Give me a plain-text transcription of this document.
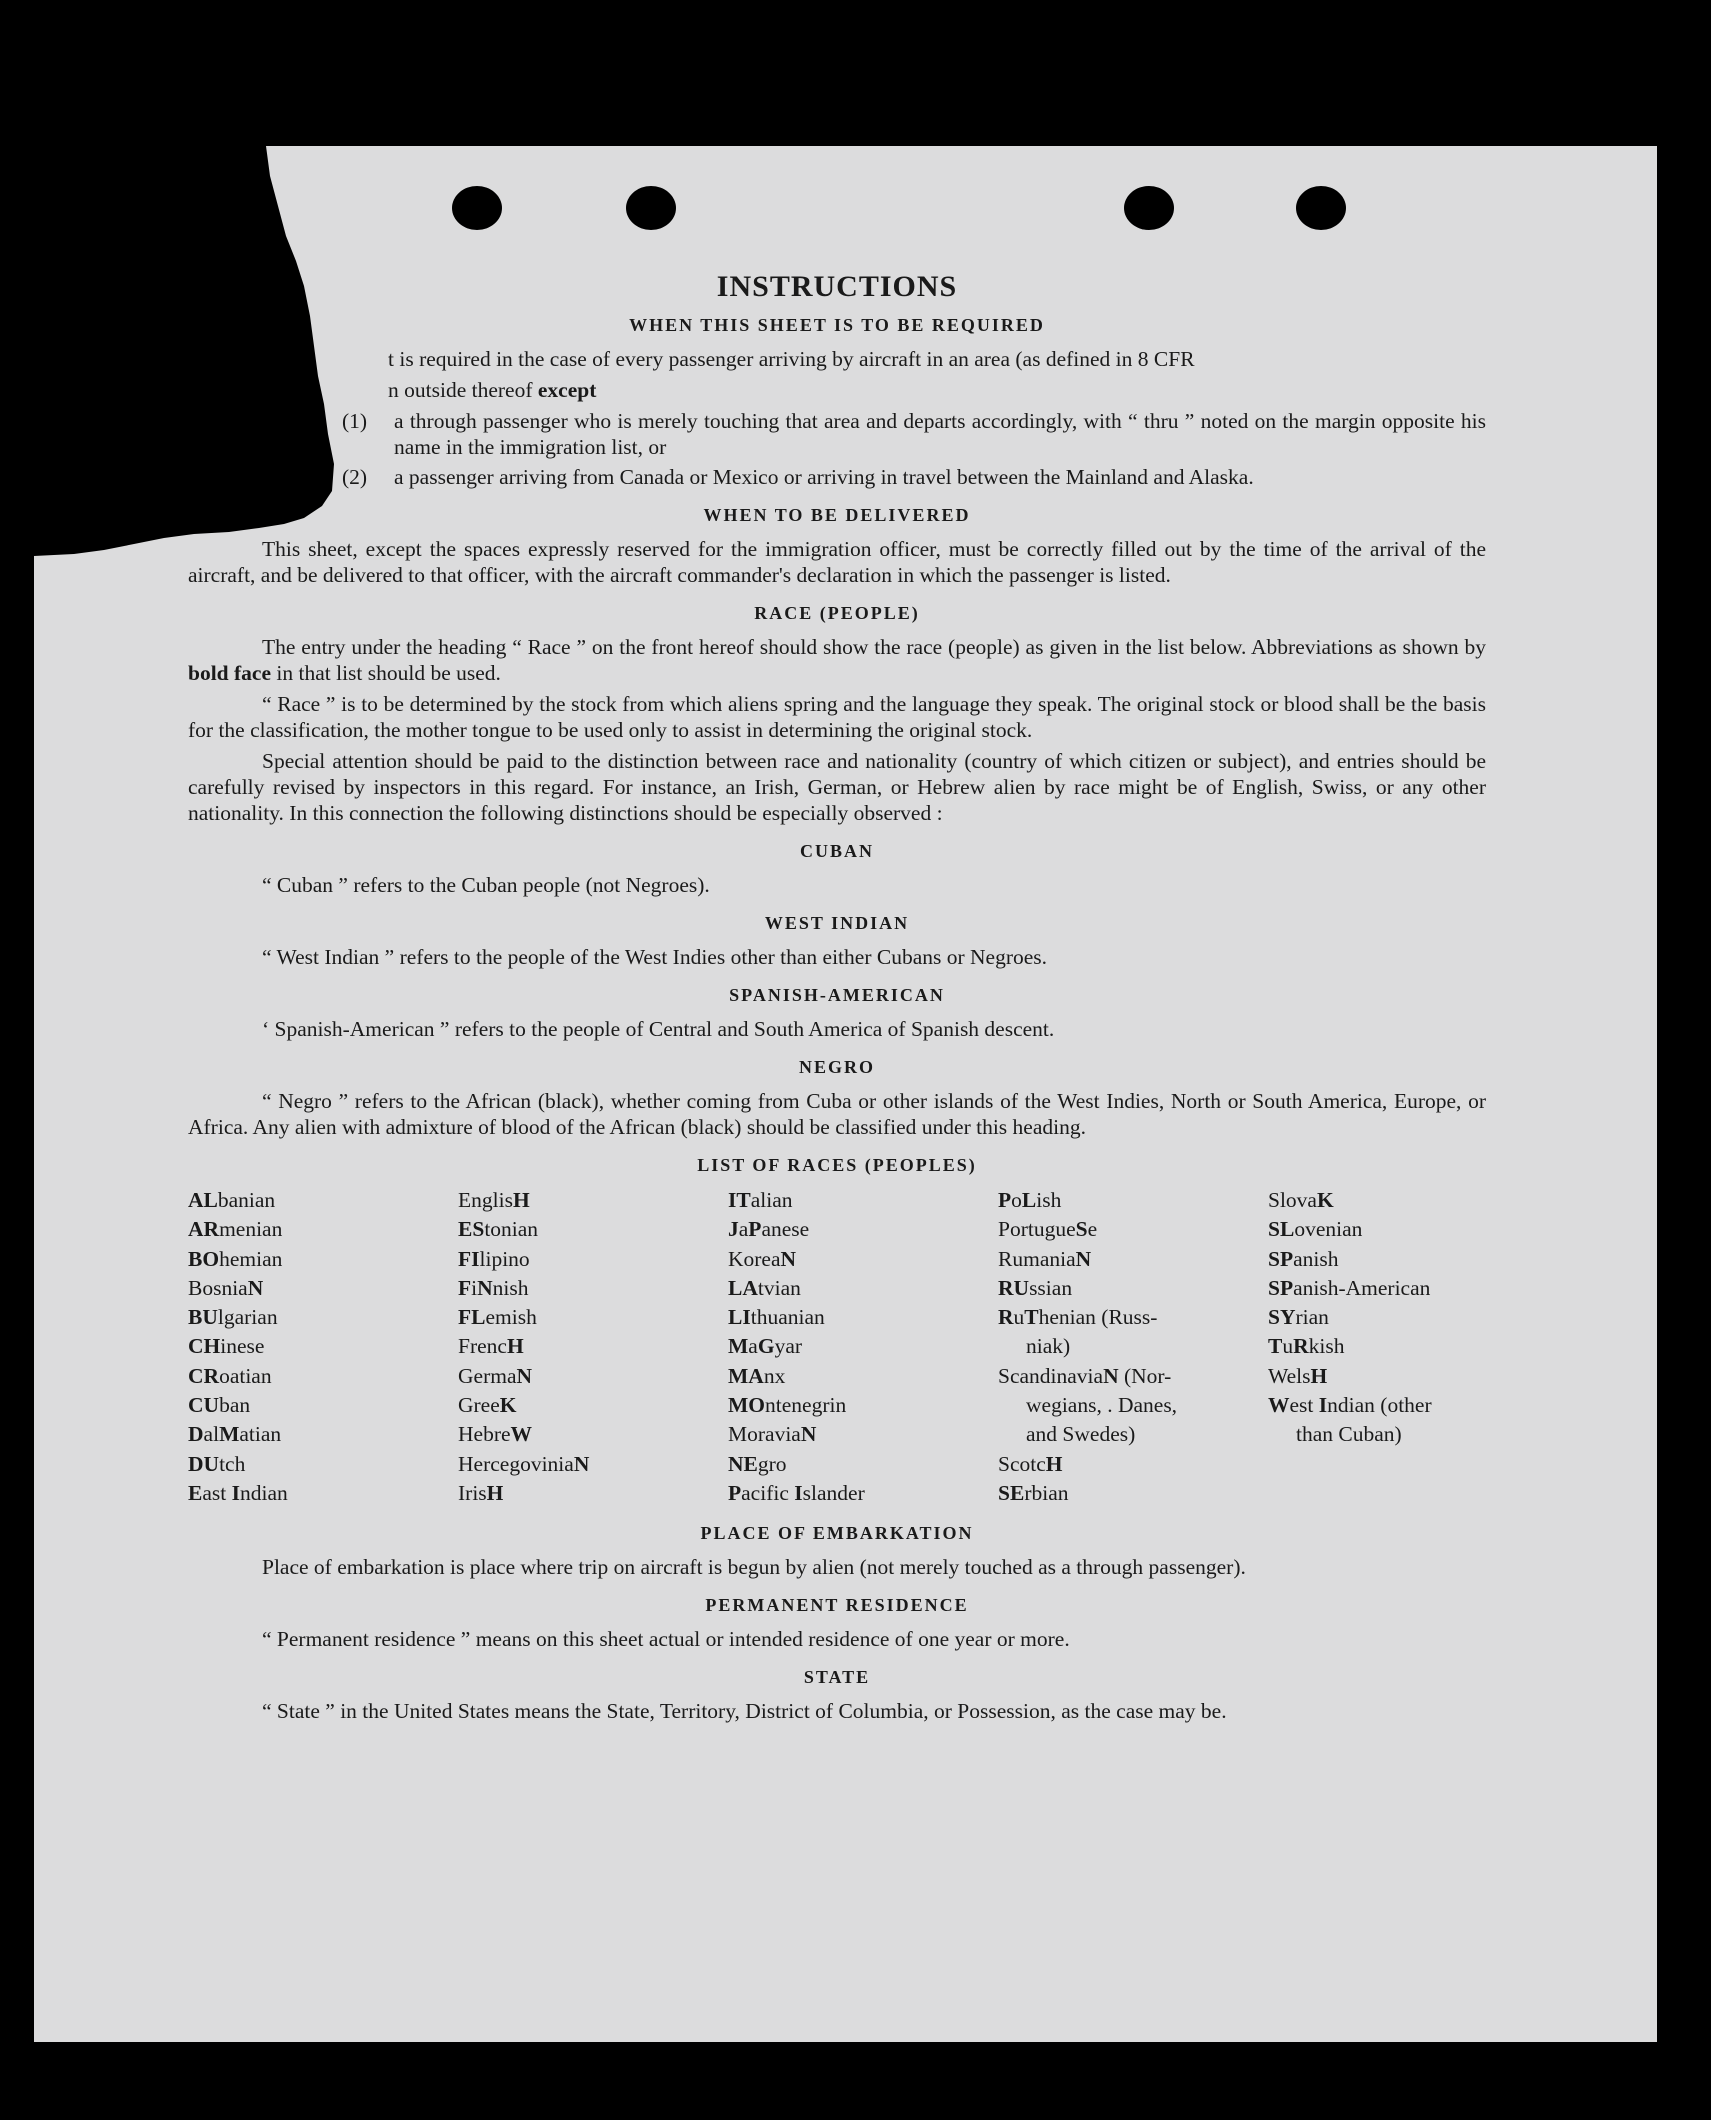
INSTRUCTIONS
WHEN THIS SHEET IS TO BE REQUIRED

t is required in the case of every passenger arriving by aircraft in an area (as defined in 8 CFR

n outside thereof except

(1)	a through passenger who is merely touching that area and departs accordingly, with “ thru ” noted on the margin opposite his name in the immigration list, or
(2)	a passenger arriving from Canada or Mexico or arriving in travel between the Mainland and Alaska.
WHEN TO BE DELIVERED

This sheet, except the spaces expressly reserved for the immigration officer, must be correctly filled out by the time of the arrival of the aircraft, and be delivered to that officer, with the aircraft commander's declaration in which the passenger is listed.

RACE (PEOPLE)

The entry under the heading “ Race ” on the front hereof should show the race (people) as given in the list below. Abbreviations as shown by bold face in that list should be used.

“ Race ” is to be determined by the stock from which aliens spring and the language they speak. The original stock or blood shall be the basis for the classification, the mother tongue to be used only to assist in determining the original stock.

Special attention should be paid to the distinction between race and nationality (country of which citizen or subject), and entries should be carefully revised by inspectors in this regard. For instance, an Irish, German, or Hebrew alien by race might be of English, Swiss, or any other nationality. In this connection the following distinctions should be especially observed :

CUBAN

“ Cuban ” refers to the Cuban people (not Negroes).

WEST INDIAN

“ West Indian ” refers to the people of the West Indies other than either Cubans or Negroes.

SPANISH-AMERICAN

‘ Spanish-American ” refers to the people of Central and South America of Spanish descent.

NEGRO

“ Negro ” refers to the African (black), whether coming from Cuba or other islands of the West Indies, North or South America, Europe, or Africa. Any alien with admixture of blood of the African (black) should be classified under this heading.

LIST OF RACES (PEOPLES)
ALbanian
ARmenian
BOhemian
BosniaN
BUlgarian
CHinese
CRoatian
CUban
DalMatian
DUtch
East Indian
EnglisH
EStonian
FIlipino
FiNnish
FLemish
FrencH
GermaN
GreeK
HebreW
HercegoviniaN
IrisH
ITalian
JaPanese
KoreaN
LAtvian
LIthuanian
MaGyar
MAnx
MOntenegrin
MoraviaN
NEgro
Pacific Islander
PoLish
PortugueSe
RumaniaN
RUssian
RuThenian (Russ-
niak)
ScandinaviaN (Nor-
wegians, . Danes,
and Swedes)
ScotcH
SErbian
SlovaK
SLovenian
SPanish
SPanish-American
SYrian
TuRkish
WelsH
West Indian (other
than Cuban)
PLACE OF EMBARKATION

Place of embarkation is place where trip on aircraft is begun by alien (not merely touched as a through passenger).

PERMANENT RESIDENCE

“ Permanent residence ” means on this sheet actual or intended residence of one year or more.

STATE

“ State ” in the United States means the State, Territory, District of Columbia, or Possession, as the case may be.
